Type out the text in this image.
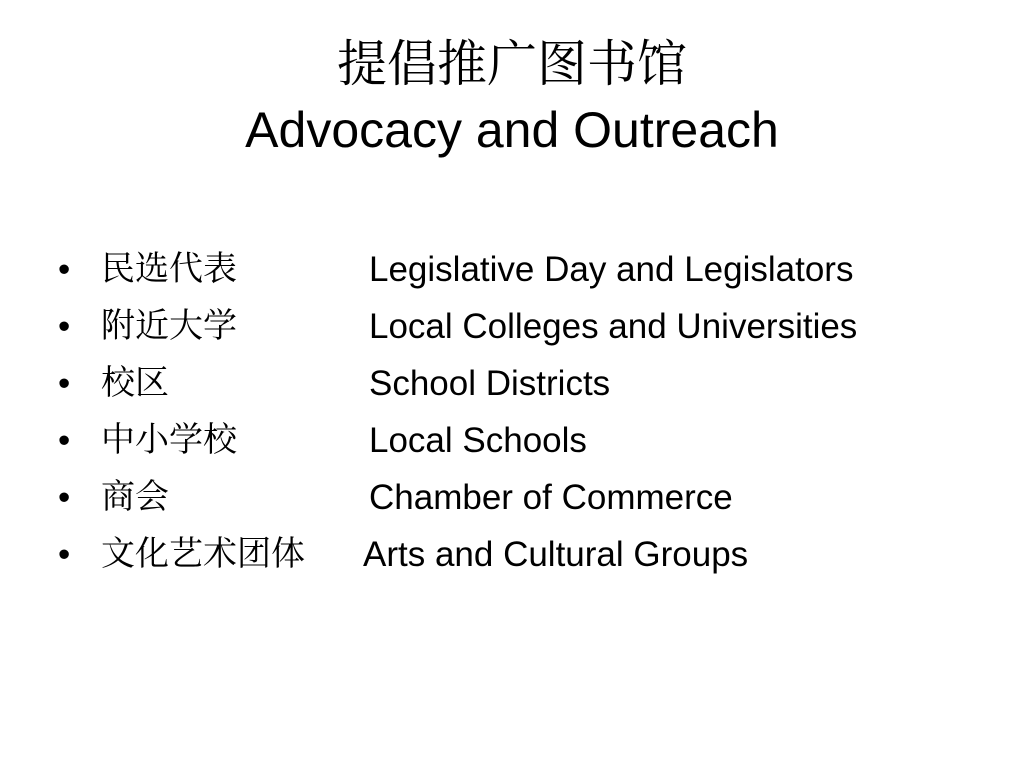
提倡推广图书馆
Advocacy and Outreach
• 民选代表	Legislative Day and Legislators
• 附近大学	Local Colleges and Universities
• 校区	School Districts
• 中小学校	Local Schools
• 商会	Chamber of Commerce
• 文化艺术团体 Arts and Cultural Groups
